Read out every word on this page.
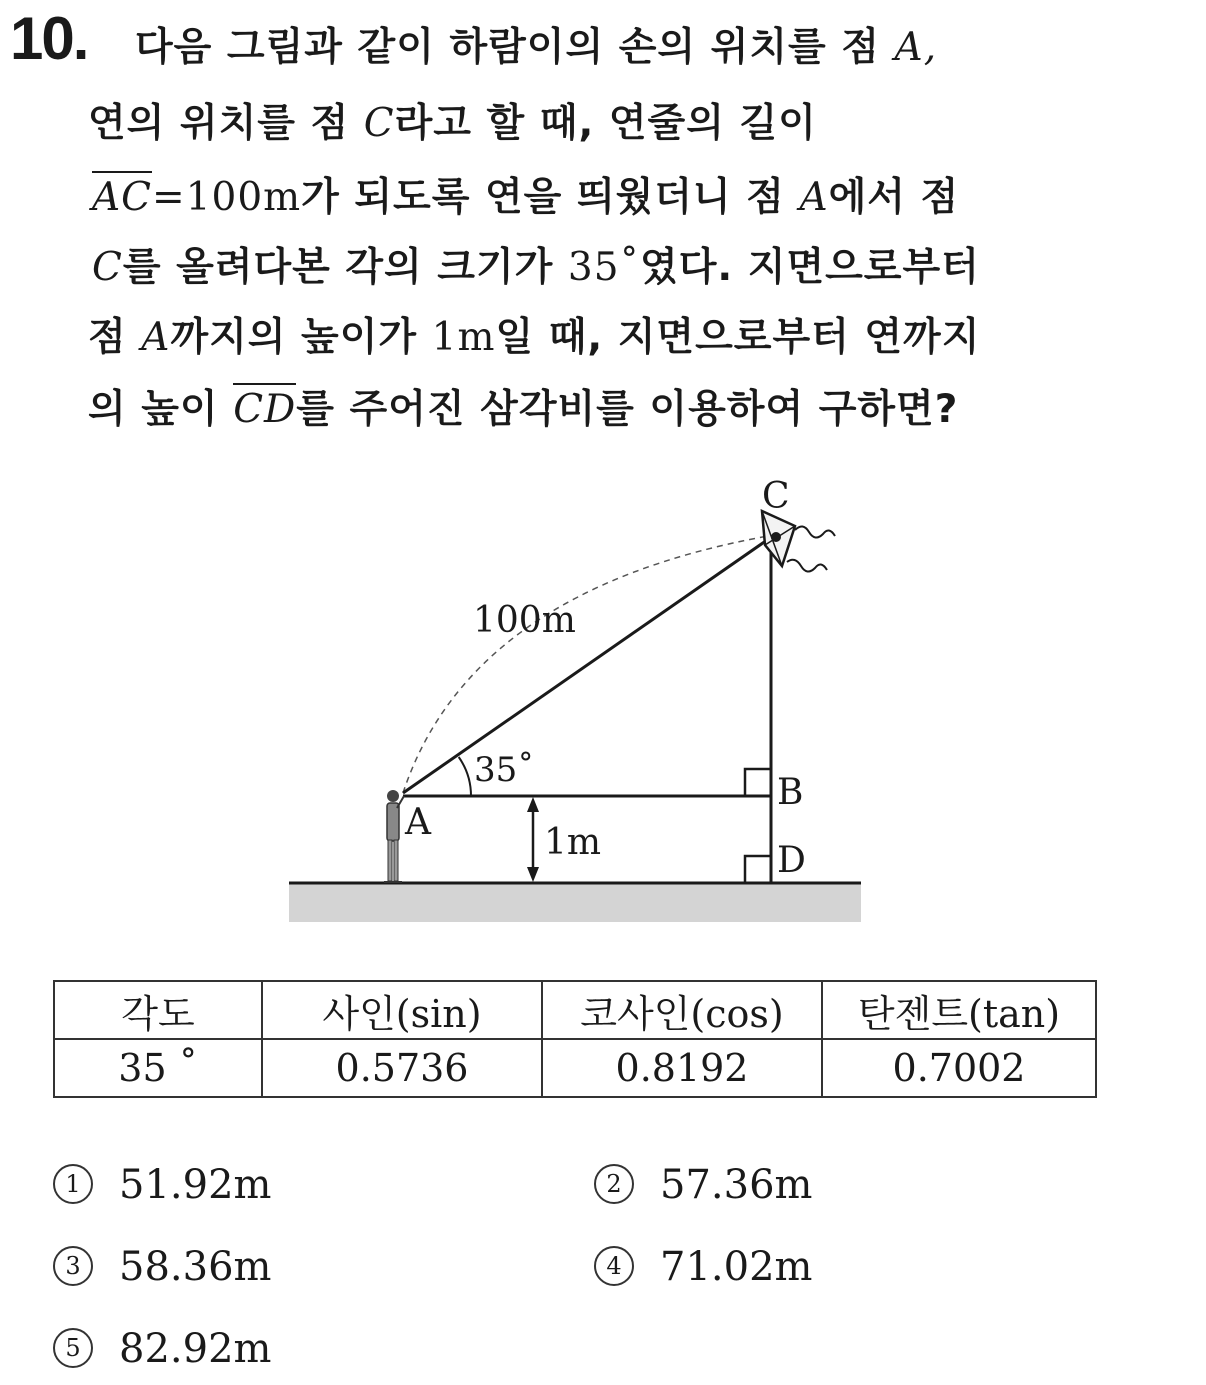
10. 다음 그림과 같이 하람이의 손의 위치를 점 A,
연의 위치를 점 C라고 할 때, 연줄의 길이
AC=100m가 되도록 연을 띄웠더니 점 A에서 점
C를 올려다본 각의 크기가 35˚였다. 지면으로부터
점 A까지의 높이가 1m일 때, 지면으로부터 연까지
의 높이 CD를 주어진 삼각비를 이용하여 구하면?
C
A
B
D
100m
35˚
1m
각도	사인(sin)	코사인(cos)	탄젠트(tan)
35 ˚	0.5736	0.8192	0.7002
1 51.92m	2 57.36m
3 58.36m	4 71.02m
5 82.92m
